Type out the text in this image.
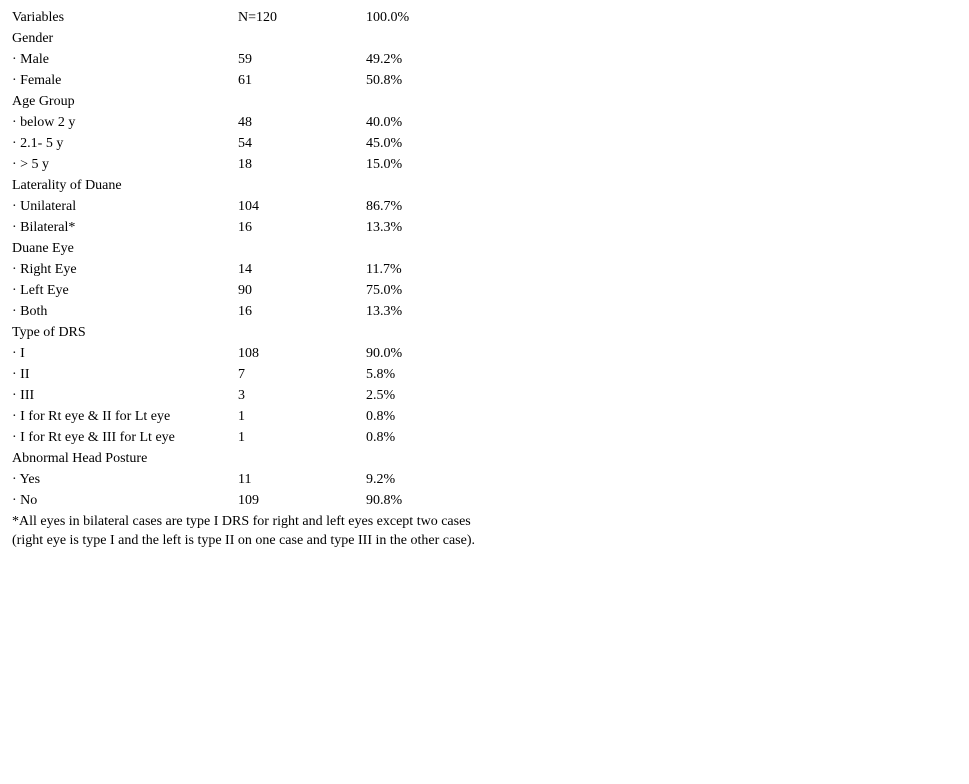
Variables	N=120	100.0%
Gender		
· Male	59	49.2%
· Female	61	50.8%
Age Group		
· below 2 y	48	40.0%
· 2.1- 5 y	54	45.0%
· > 5 y	18	15.0%
Laterality of Duane		
· Unilateral	104	86.7%
· Bilateral*	16	13.3%
Duane Eye		
· Right Eye	14	11.7%
· Left Eye	90	75.0%
· Both	16	13.3%
Type of DRS		
· I	108	90.0%
· II	7	5.8%
· III	3	2.5%
· I for Rt eye & II for Lt eye	1	0.8%
· I for Rt eye & III for Lt eye	1	0.8%
Abnormal Head Posture		
· Yes	11	9.2%
· No	109	90.8%
*All eyes in bilateral cases are type I DRS for right and left eyes except two cases (right eye is type I and the left is type II on one case and type III in the other case).
